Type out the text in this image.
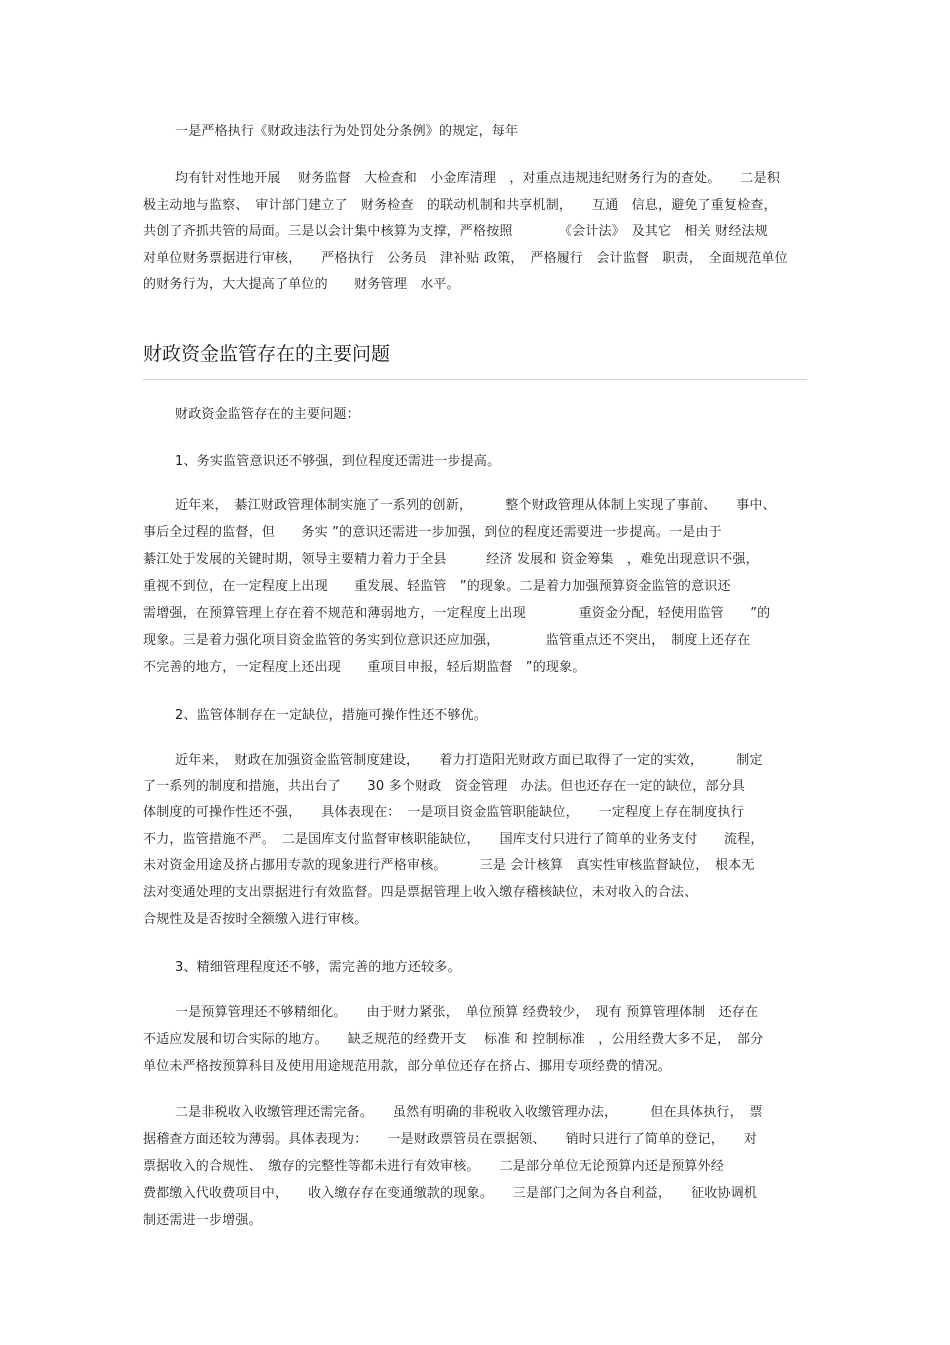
一是严格执行《财政违法行为处罚处分条例》的规定，每年
均有针对性地开展　 财务监督　大检查和　小金库清理　，对重点违规违纪财务行为的查处。　　二是积
极主动地与监察、　审计部门建立了　财务检查　的联动机制和共享机制，　　互通　信息，避免了重复检查，
共创了齐抓共管的局面。三是以会计集中核算为支撑，严格按照　　　　《会计法》　及其它　相关 财经法规
对单位财务票据进行审核，　　严格执行　公务员　津补贴 政策，　严格履行　会计监督　职责，　全面规范单位
的财务行为，大大提高了单位的　　财务管理　水平。
财政资金监管存在的主要问题
财政资金监管存在的主要问题：
1、务实监管意识还不够强，到位程度还需进一步提高。
近年来，　綦江财政管理体制实施了一系列的创新，　　　整个财政管理从体制上实现了事前、　　事中、
事后全过程的监督，但　　务实 ”的意识还需进一步加强，到位的程度还需要进一步提高。一是由于
綦江处于发展的关键时期，领导主要精力着力于全县　　　经济 发展和 资金筹集　，难免出现意识不强，
重视不到位，在一定程度上出现　　重发展、轻监管　”的现象。二是着力加强预算资金监管的意识还
需增强，在预算管理上存在着不规范和薄弱地方，一定程度上出现　　　　重资金分配，轻使用监管　　”的
现象。三是着力强化项目资金监管的务实到位意识还应加强，　　　　监管重点还不突出，　制度上还存在
不完善的地方，一定程度上还出现　　重项目申报，轻后期监督　”的现象。
2、监管体制存在一定缺位，措施可操作性还不够优。
近年来，　财政在加强资金监管制度建设，　　着力打造阳光财政方面已取得了一定的实效，　　　制定
了一系列的制度和措施，共出台了　　30 多个财政　资金管理　办法。但也还存在一定的缺位，部分具
体制度的可操作性还不强，　　具体表现在：　一是项目资金监管职能缺位，　　一定程度上存在制度执行
不力，监管措施不严。　二是国库支付监督审核职能缺位，　　国库支付只进行了简单的业务支付　　流程，
未对资金用途及挤占挪用专款的现象进行严格审核。　　　三是 会计核算　真实性审核监督缺位，　根本无
法对变通处理的支出票据进行有效监督。四是票据管理上收入缴存稽核缺位，未对收入的合法、
合规性及是否按时全额缴入进行审核。
3、精细管理程度还不够，需完善的地方还较多。
一是预算管理还不够精细化。　　由于财力紧张，　单位预算 经费较少，　现有 预算管理体制　还存在
不适应发展和切合实际的地方。　　缺乏规范的经费开支　 标准 和 控制标准　，公用经费大多不足，　部分
单位未严格按预算科目及使用用途规范用款，部分单位还存在挤占、挪用专项经费的情况。
二是非税收入收缴管理还需完备。　　虽然有明确的非税收入收缴管理办法，　　　但在具体执行，　票
据稽查方面还较为薄弱。具体表现为：　　一是财政票管员在票据领、　　销时只进行了简单的登记，　　对
票据收入的合规性、　缴存的完整性等都未进行有效审核。　　二是部分单位无论预算内还是预算外经
费都缴入代收费项目中，　　收入缴存存在变通缴款的现象。　　三是部门之间为各自利益，　　征收协调机
制还需进一步增强。
